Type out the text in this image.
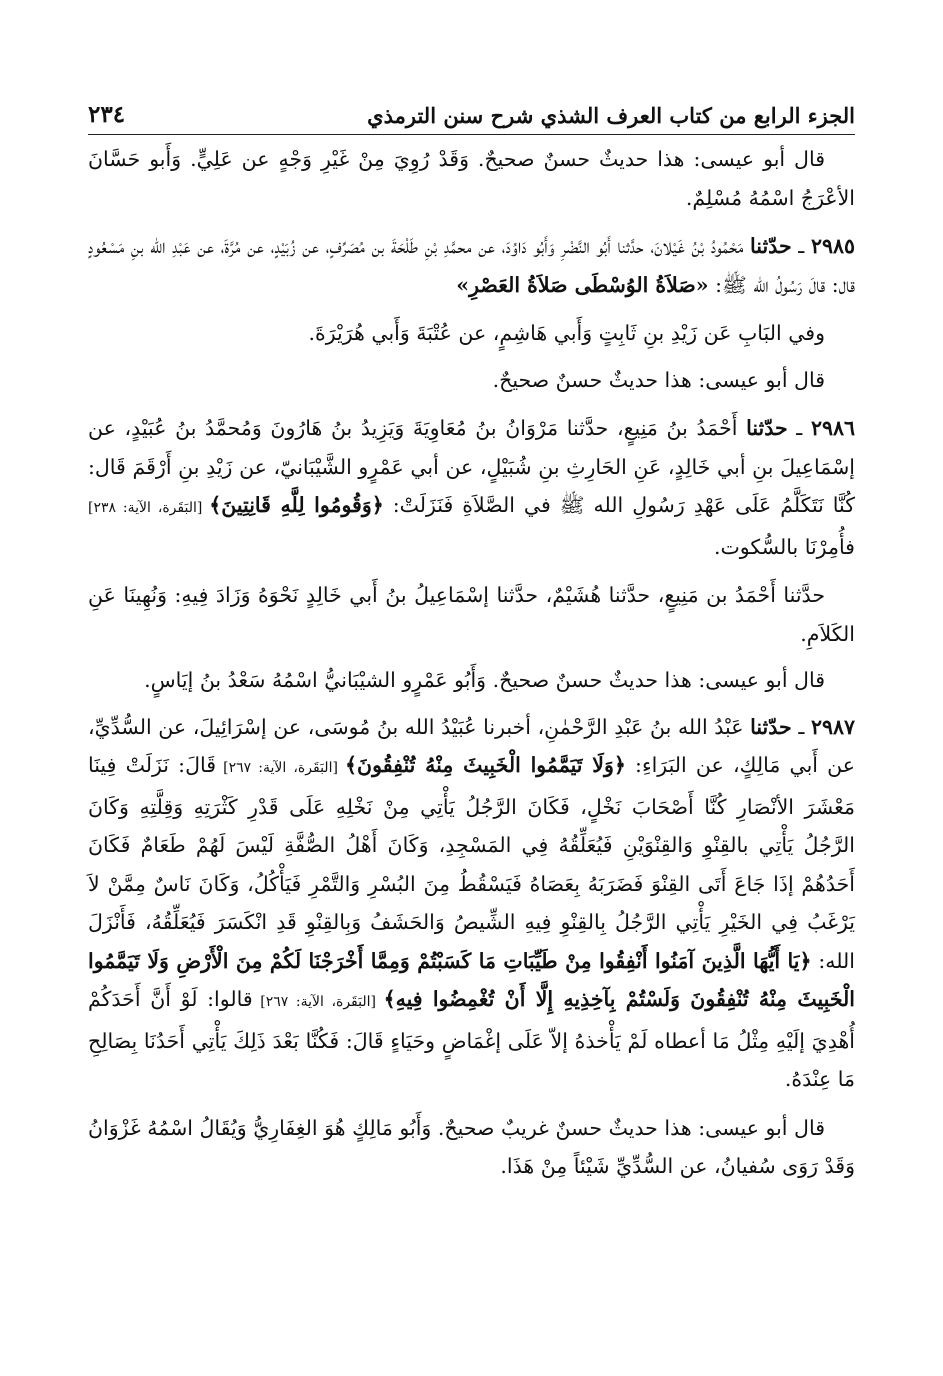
الجزء الرابع من كتاب العرف الشذي شرح سنن الترمذي
٢٣٤

قال أبو عيسى: هذا حديثٌ حسنٌ صحيحٌ. وَقَدْ رُوِيَ مِنْ غَيْرِ وَجْهٍ عن عَلِيٍّ. وَأَبو حَسَّانَ الأعْرَجُ اسْمُهُ مُسْلِمٌ.

٢٩٨٥ ـ حدّثنا مَحْمُودُ بْنُ غَيْلانَ، حدَّثنا أَبُو النَّضْرِ وَأَبُو دَاوُدَ، عن محمَّدِ بْنِ طَلْحَةَ بن مُصَرِّفٍ، عن زُبَيْدٍ، عن مُرَّةَ، عن عَبْدِ الله بنِ مَسْعُودٍ قال: قالَ رَسُولُ الله ﷺ: «صَلاَةُ الوُسْطَى صَلاَةُ العَصْرِ»

وفي البَابِ عَن زَيْدِ بنِ ثَابِتٍ وَأَبي هَاشِمٍ، عن عُتْبَةَ وَأَبي هُرَيْرَةَ.

قال أبو عيسى: هذا حديثٌ حسنٌ صحيحٌ.

٢٩٨٦ ـ حدّثنا أَحْمَدُ بنُ مَنِيعٍ، حدَّثنا مَرْوَانُ بنُ مُعَاوِيَةَ وَيَزِيدُ بنُ هَارُونَ وَمُحمَّدُ بنُ عُبَيْدٍ، عن إسْمَاعِيلَ بنِ أبي خَالِدٍ، عَنِ الحَارِثِ بنِ شُبَيْلٍ، عن أبي عَمْرٍو الشَّيْبَانيّ، عن زَيْدِ بنِ أَرْقَمَ قَال: كُنَّا نَتَكَلَّمُ عَلَى عَهْدِ رَسُولِ الله ﷺ في الصَّلاَةِ فَنَزَلَتْ: ﴿وَقُومُوا لِلَّهِ قَانِتِينَ﴾ [البَقَرة، الآية: ٢٣٨] فأُمِرْنَا بالسُّكوت.

حدَّثنا أَحْمَدُ بن مَنِيعٍ، حدَّثنا هُشَيْمٌ، حدَّثنا إسْمَاعِيلُ بنُ أَبي خَالِدٍ نَحْوَهُ وَزَادَ فِيهِ: وَنُهِينَا عَنِ الكَلاَمِ.

قال أبو عيسى: هذا حديثٌ حسنٌ صحيحٌ. وَأَبُو عَمْرٍو الشيْبَانيُّ اسْمُهُ سَعْدُ بنُ إيَاسٍ.

٢٩٨٧ ـ حدّثنا عَبْدُ الله بنُ عَبْدِ الرَّحْمٰنِ، أخبرنا عُبَيْدُ الله بنُ مُوسَى، عن إسْرَائِيلَ، عن السُّدِّيِّ، عن أَبي مَالِكٍ، عن البَرَاءِ: ﴿وَلَا تَيَمَّمُوا الْخَبِيثَ مِنْهُ تُنْفِقُونَ﴾ [البَقَرة، الآية: ٢٦٧] قَالَ: نَزَلَتْ فِينَا مَعْشَرَ الأنْصَارِ كُنَّا أَصْحَابَ نَخْلٍ، فَكَانَ الرَّجُلُ يَأْتِي مِنْ نَخْلِهِ عَلَى قَدْرِ كَثْرَتِهِ وَقِلَّتِهِ وَكَانَ الرَّجُلُ يَأْتِي بالقِنْوِ وَالقِنْوَيْنِ فَيُعَلِّقُهُ فِي المَسْجِدِ، وَكَانَ أَهْلُ الصُّفَّةِ لَيْسَ لَهُمْ طَعَامٌ فَكَانَ أَحَدُهُمْ إذَا جَاعَ أَتَى القِنْوَ فَضَرَبَهُ بِعَصَاهُ فَيَسْقُطُ مِنَ البُسْرِ وَالتَّمْرِ فَيَأْكُلُ، وَكَانَ نَاسٌ مِمَّنْ لاَ يَرْغَبُ فِي الخَيْرِ يَأْتِي الرَّجُلُ بِالقِنْوِ فِيهِ الشِّيصُ وَالحَشَفُ وَبِالقِنْوِ قَدِ انْكَسَرَ فَيُعَلِّقُهُ، فَأَنْزَلَ الله: ﴿يَا أَيُّهَا الَّذِينَ آمَنُوا أَنْفِقُوا مِنْ طَيِّبَاتِ مَا كَسَبْتُمْ وَمِمَّا أَخْرَجْنَا لَكُمْ مِنَ الْأَرْضِ وَلَا تَيَمَّمُوا الْخَبِيثَ مِنْهُ تُنْفِقُونَ وَلَسْتُمْ بِآخِذِيهِ إِلَّا أَنْ تُغْمِضُوا فِيهِ﴾ [البَقَرة، الآية: ٢٦٧] قالوا: لَوْ أَنَّ أَحَدَكُمْ أُهْدِيَ إلَيْهِ مِثْلُ مَا أعطاه لَمْ يَأْخذهُ إلاّ عَلَى إغْمَاضٍ وحَيَاءٍ قَالَ: فَكُنَّا بَعْدَ ذَلِكَ يَأْتِي أَحَدُنَا بِصَالِحِ مَا عِنْدَهُ.

قال أبو عيسى: هذا حديثٌ حسنٌ غريبٌ صحيحٌ. وَأَبُو مَالِكٍ هُوَ الغِفَارِيُّ وَيُقَالُ اسْمُهُ غَزْوَانُ وَقَدْ رَوَى سُفيانُ، عن السُّدِّيِّ شَيْئاً مِنْ هَذَا.
